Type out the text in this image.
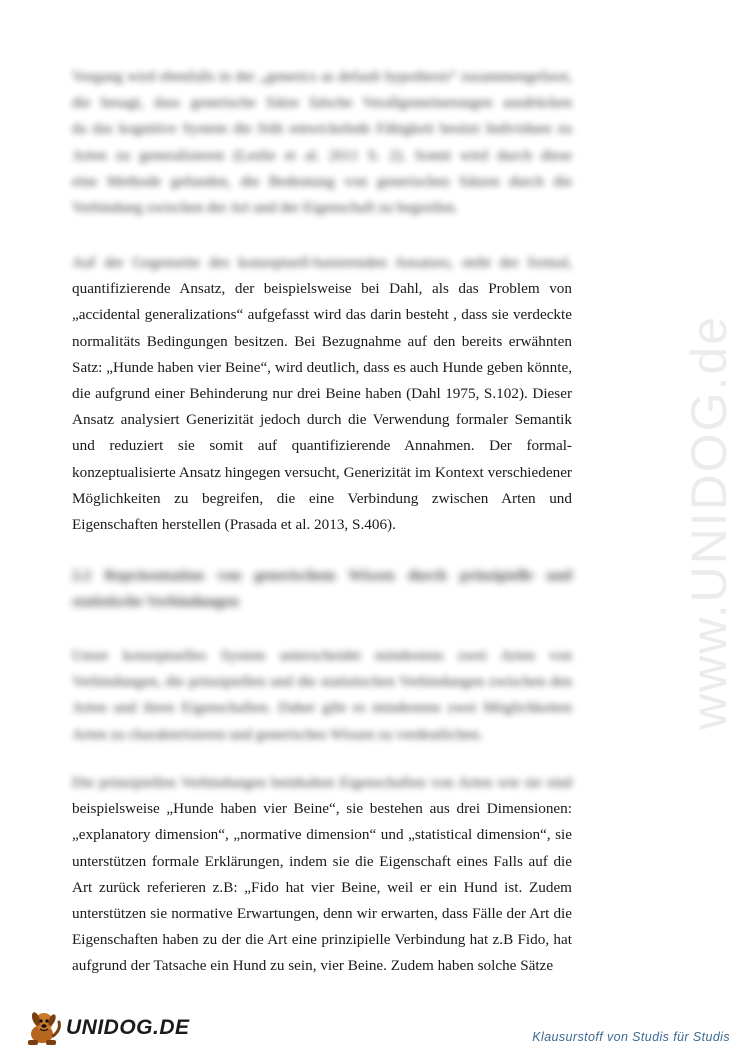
www.UNIDOG.de
Vorgang wird ebenfalls in der „generics as default hypothesis“ zusammengefasst,
die besagt, dass generische Sätze falsche Verallgemeinerungen ausdrücken
da das kognitive System die früh entwickelnde Fähigkeit besitzt Individuen zu
Arten zu generalisieren (Leslie et al. 2011 S. 2). Somit wird durch diese
eine Methode gefunden, die Bedeutung von generischen Sätzen durch die
Verbindung zwischen der Art und der Eigenschaft zu begreifen.
Auf der Gegenseite des konzeptuell-basierenden Ansatzes, steht der formal,
quantifizierende Ansatz, der beispielsweise bei Dahl, als das Problem von
„accidental generalizations“ aufgefasst wird das darin besteht , dass sie verdeckte
normalitäts Bedingungen besitzen. Bei Bezugnahme auf den bereits erwähnten
Satz: „Hunde haben vier Beine“, wird deutlich, dass es auch Hunde geben könnte,
die aufgrund einer Behinderung nur drei Beine haben (Dahl 1975, S.102). Dieser
Ansatz analysiert Generizität jedoch durch die Verwendung formaler Semantik
und reduziert sie somit auf quantifizierende Annahmen. Der formal-
konzeptualisierte Ansatz hingegen versucht, Generizität im Kontext verschiedener
Möglichkeiten zu begreifen, die eine Verbindung zwischen Arten und
Eigenschaften herstellen (Prasada et al. 2013, S.406).
2.2 Repräsentation von generischem Wissen durch prinzipielle und
statistische Verbindungen
Unser konzeptuelles System unterscheidet mindestens zwei Arten von
Verbindungen, die prinzipiellen und die statistischen Verbindungen zwischen den
Arten und ihren Eigenschaften. Daher gibt es mindestens zwei Möglichkeiten
Arten zu charakterisieren und generisches Wissen zu verdeutlichen.
Die prinzipiellen Verbindungen beinhalten Eigenschaften von Arten wie sie sind
beispielsweise „Hunde haben vier Beine“, sie bestehen aus drei Dimensionen:
„explanatory dimension“, „normative dimension“ und „statistical dimension“, sie
unterstützen formale Erklärungen, indem sie die Eigenschaft eines Falls auf die
Art zurück referieren z.B: „Fido hat vier Beine, weil er ein Hund ist. Zudem
unterstützen sie normative Erwartungen, denn wir erwarten, dass Fälle der Art die
Eigenschaften haben zu der die Art eine prinzipielle Verbindung hat z.B Fido, hat
aufgrund der Tatsache ein Hund zu sein, vier Beine. Zudem haben solche Sätze
UNIDOG.DE	Klausurstoff von Studis für Studis
